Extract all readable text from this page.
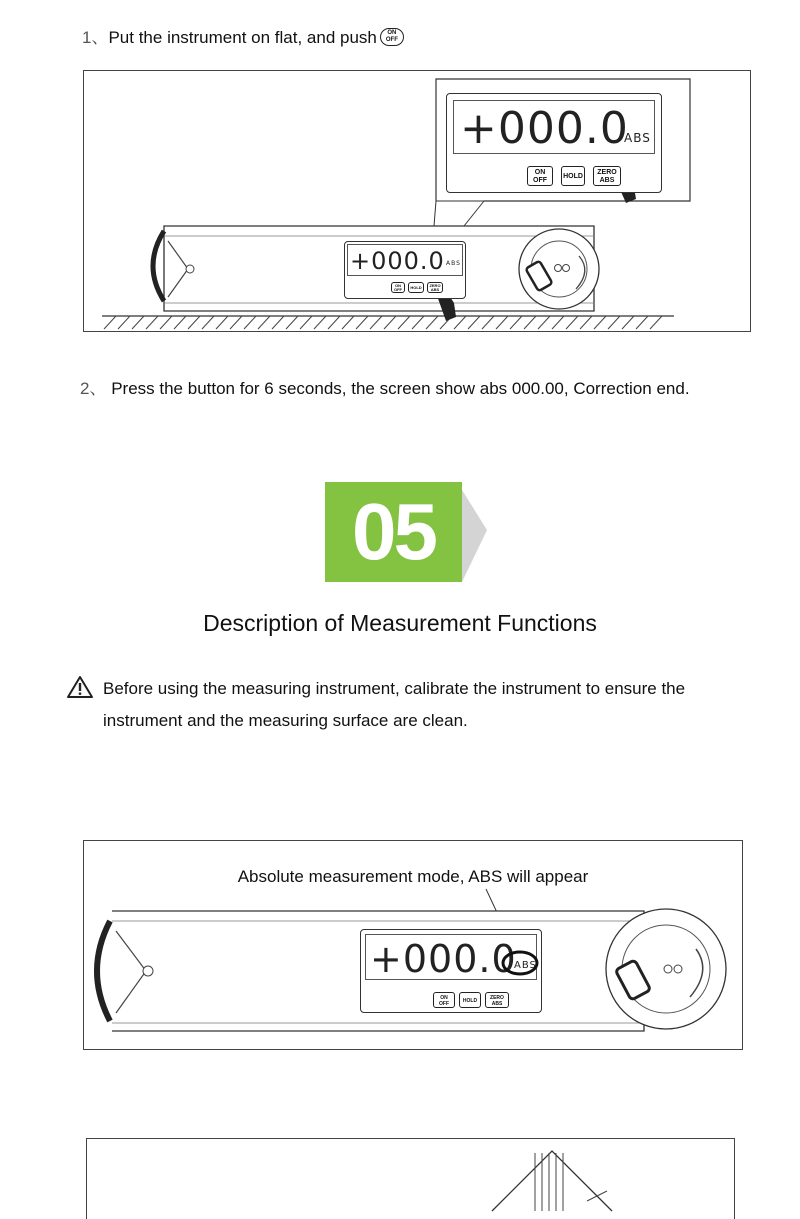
1、Put the instrument on flat, and push ON
OFF
+000.0 ABS
ON
OFF	HOLD	ZERO
ABS
+000.0
ABS
ON
OFF
HOLD
ZERO
ABS
2、 Press the button for 6 seconds, the screen show abs 000.00, Correction end.
05
Description of Measurement Functions
Before using the measuring instrument, calibrate the instrument to ensure the
instrument and the measuring surface are clean.
Absolute measurement mode, ABS will appear
+000.0
ABS
ON
OFF	HOLD	ZERO
ABS
